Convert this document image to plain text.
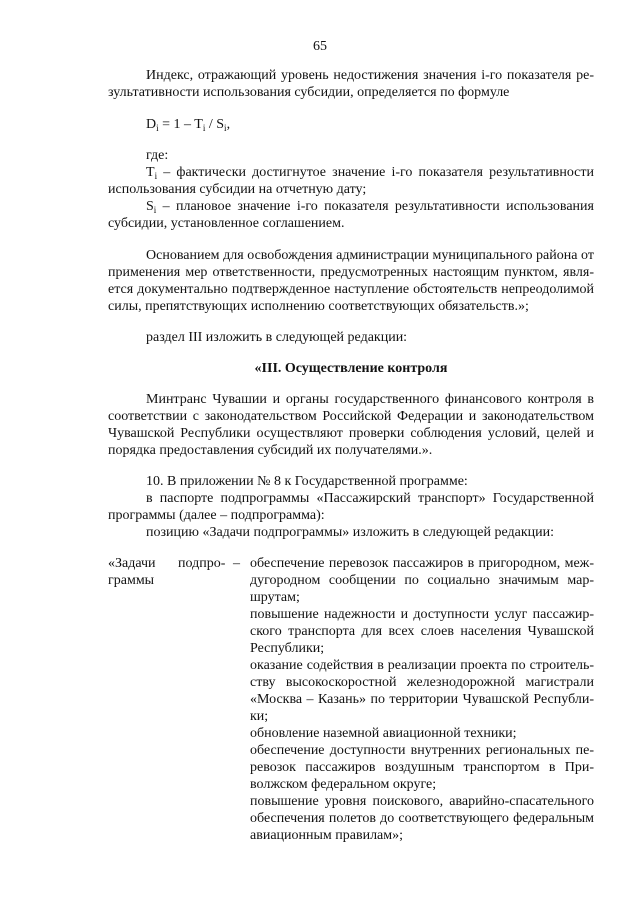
65
Индекс, отражающий уровень недостижения значения i-го показателя ре-
зультативности использования субсидии, определяется по формуле
$D_i = 1 - T_i / S_i$,
где:
$T_i$ – фактически достигнутое значение i-го показателя результативности
использования субсидии на отчетную дату;
$S_i$ – плановое значение i-го показателя результативности использования
субсидии, установленное соглашением.
Основанием для освобождения администрации муниципального района от
применения мер ответственности, предусмотренных настоящим пунктом, явля-
ется документально подтвержденное наступление обстоятельств непреодолимой
силы, препятствующих исполнению соответствующих обязательств.»;
раздел III изложить в следующей редакции:
«III. Осуществление контроля
Минтранс Чувашии и органы государственного финансового контроля в
соответствии с законодательством Российской Федерации и законодательством
Чувашской Республики осуществляют проверки соблюдения условий, целей и
порядка предоставления субсидий их получателями.».
10. В приложении № 8 к Государственной программе:
в паспорте подпрограммы «Пассажирский транспорт» Государственной
программы (далее – подпрограмма):
позицию «Задачи подпрограммы» изложить в следующей редакции:
«Задачи подпро- –
граммы
обеспечение перевозок пассажиров в пригородном, меж-
дугородном сообщении по социально значимым мар-
шрутам;
повышение надежности и доступности услуг пассажир-
ского транспорта для всех слоев населения Чувашской
Республики;
оказание содействия в реализации проекта по строитель-
ству высокоскоростной железнодорожной магистрали
«Москва – Казань» по территории Чувашской Республи-
ки;
обновление наземной авиационной техники;
обеспечение доступности внутренних региональных пе-
ревозок пассажиров воздушным транспортом в При-
волжском федеральном округе;
повышение уровня поискового, аварийно-спасательного
обеспечения полетов до соответствующего федеральным
авиационным правилам»;
